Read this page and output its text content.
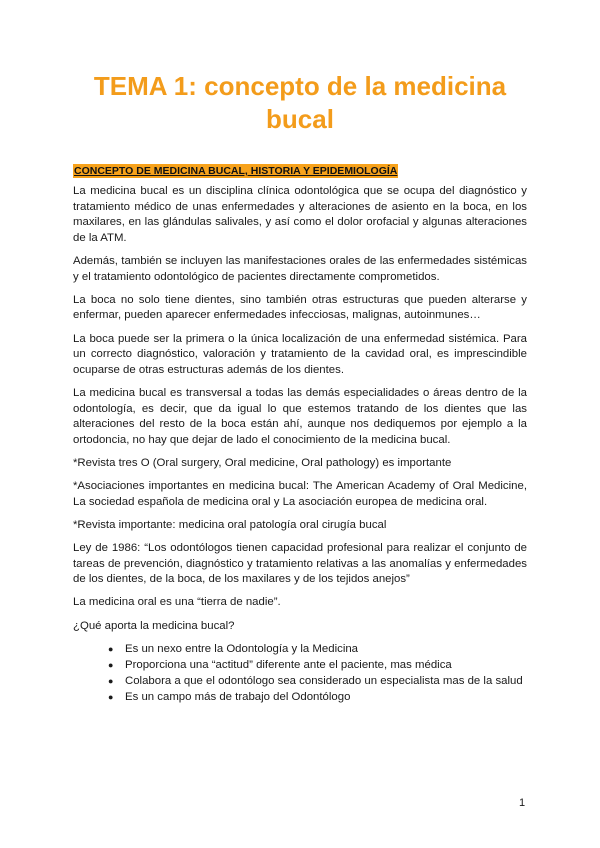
TEMA 1: concepto de la medicina bucal
CONCEPTO DE MEDICINA BUCAL, HISTORIA Y EPIDEMIOLOGÍA

La medicina bucal es un disciplina clínica odontológica que se ocupa del diagnóstico y tratamiento médico de unas enfermedades y alteraciones de asiento en la boca, en los maxilares, en las glándulas salivales, y así como el dolor orofacial y algunas alteraciones de la ATM.

Además, también se incluyen las manifestaciones orales de las enfermedades sistémicas y el tratamiento odontológico de pacientes directamente comprometidos.

La boca no solo tiene dientes, sino también otras estructuras que pueden alterarse y enfermar, pueden aparecer enfermedades infecciosas, malignas, autoinmunes…

La boca puede ser la primera o la única localización de una enfermedad sistémica. Para un correcto diagnóstico, valoración y tratamiento de la cavidad oral, es imprescindible ocuparse de otras estructuras además de los dientes.

La medicina bucal es transversal a todas las demás especialidades o áreas dentro de la odontología, es decir, que da igual lo que estemos tratando de los dientes que las alteraciones del resto de la boca están ahí, aunque nos dediquemos por ejemplo a la ortodoncia, no hay que dejar de lado el conocimiento de la medicina bucal.

*Revista tres O (Oral surgery, Oral medicine, Oral pathology) es importante

*Asociaciones importantes en medicina bucal: The American Academy of Oral Medicine, La sociedad española de medicina oral y La asociación europea de medicina oral.

*Revista importante: medicina oral patología oral cirugía bucal

Ley de 1986: “Los odontólogos tienen capacidad profesional para realizar el conjunto de tareas de prevención, diagnóstico y tratamiento relativas a las anomalías y enfermedades de los dientes, de la boca, de los maxilares y de los tejidos anejos”

La medicina oral es una “tierra de nadie”.

¿Qué aporta la medicina bucal?

● Es un nexo entre la Odontología y la Medicina
● Proporciona una “actitud” diferente ante el paciente, mas médica
● Colabora a que el odontólogo sea considerado un especialista mas de la salud
● Es un campo más de trabajo del Odontólogo
1
